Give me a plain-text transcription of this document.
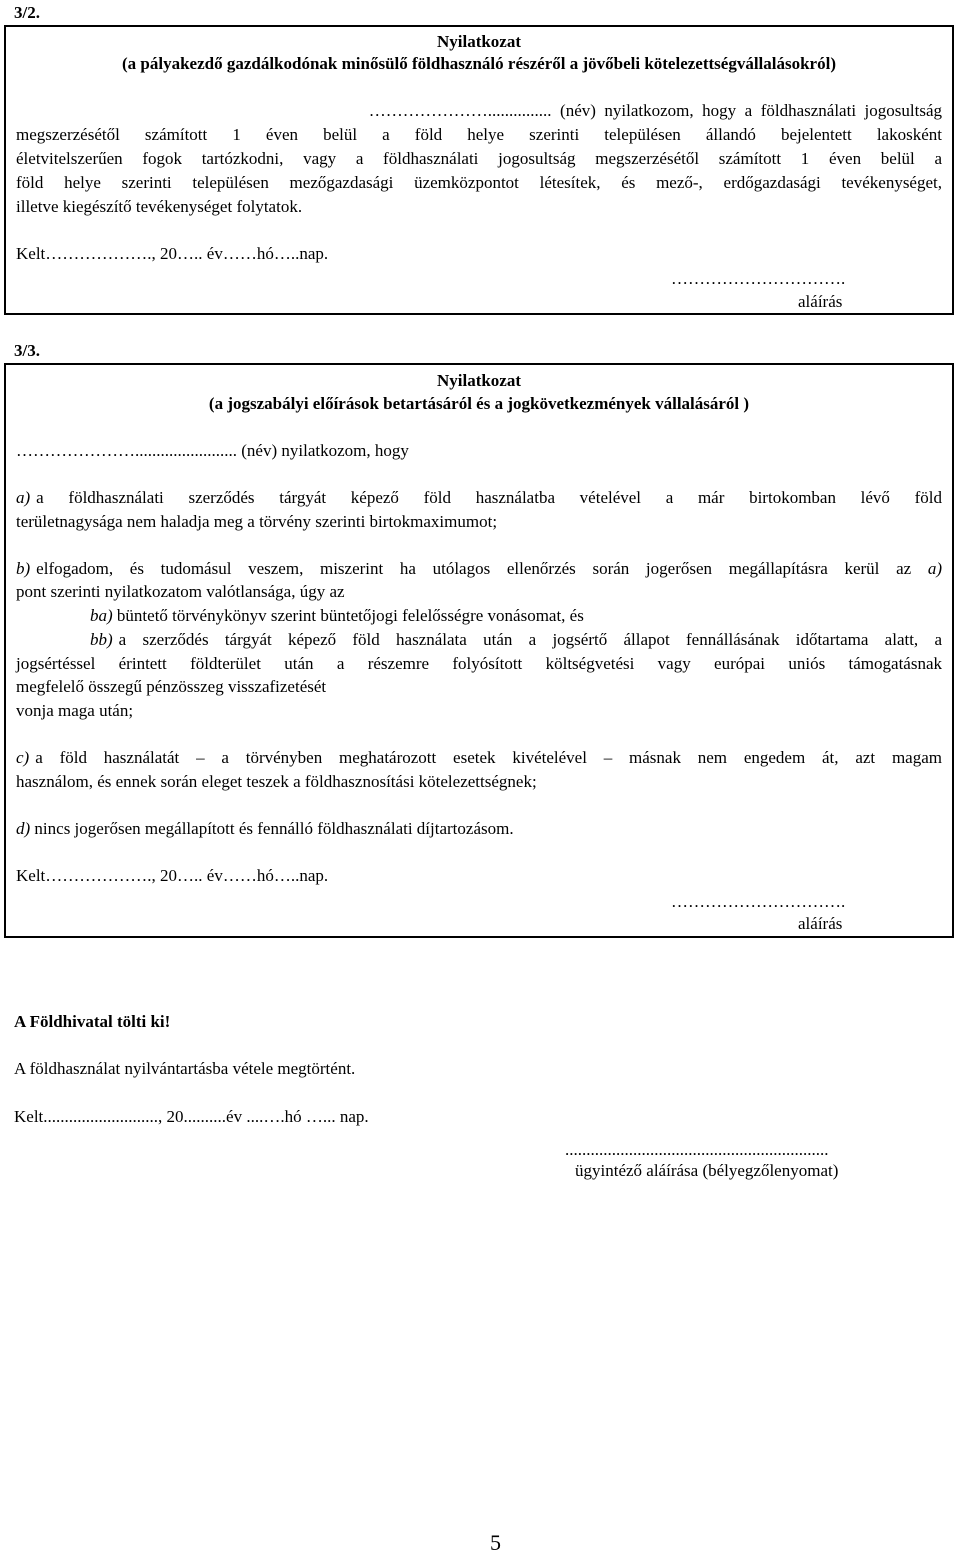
3/2.
Nyilatkozat
(a pályakezdő gazdálkodónak minősülő földhasználó részéről a jövőbeli kötelezettségvállalásokról)
…………………...............  (név)  nyilatkozom,  hogy  a  földhasználati  jogosultság
megszerzésétől számított 1 éven belül a föld helye szerinti településen állandó bejelentett lakosként
életvitelszerűen fogok tartózkodni, vagy a földhasználati jogosultság megszerzésétől számított 1 éven belül a
föld helye szerinti településen mezőgazdasági üzemközpontot létesítek, és mező-, erdőgazdasági tevékenységet,
illetve kiegészítő tevékenységet folytatok.
Kelt………………., 20….. év……hó…..nap.
………………………….
aláírás
3/3.
Nyilatkozat
(a jogszabályi előírások betartásáról és a jogkövetkezmények vállalásáról )
…………………........................ (név) nyilatkozom, hogy
a) a földhasználati szerződés tárgyát képező föld használatba vételével a már birtokomban lévő föld
területnagysága nem haladja meg a törvény szerinti birtokmaximumot;
b) elfogadom, és tudomásul veszem, miszerint ha utólagos ellenőrzés során jogerősen megállapításra kerül az a)
pont szerinti nyilatkozatom valótlansága, úgy az
ba) büntető törvénykönyv szerint büntetőjogi felelősségre vonásomat, és
bb) a szerződés tárgyát képező föld használata után a jogsértő állapot fennállásának időtartama alatt, a
jogsértéssel érintett földterület után a részemre folyósított költségvetési vagy európai uniós támogatásnak
megfelelő összegű pénzösszeg visszafizetését
vonja maga után;
c) a föld használatát – a törvényben meghatározott esetek kivételével – másnak nem engedem át, azt magam
használom, és ennek során eleget teszek a földhasznosítási kötelezettségnek;
d) nincs jogerősen megállapított és fennálló földhasználati díjtartozásom.
Kelt………………., 20….. év……hó…..nap.
………………………….
aláírás
A Földhivatal tölti ki!
A földhasználat nyilvántartásba vétele megtörtént.
Kelt..........................., 20..........év ....….hó …... nap.
..............................................................
ügyintéző aláírása (bélyegzőlenyomat)
5
